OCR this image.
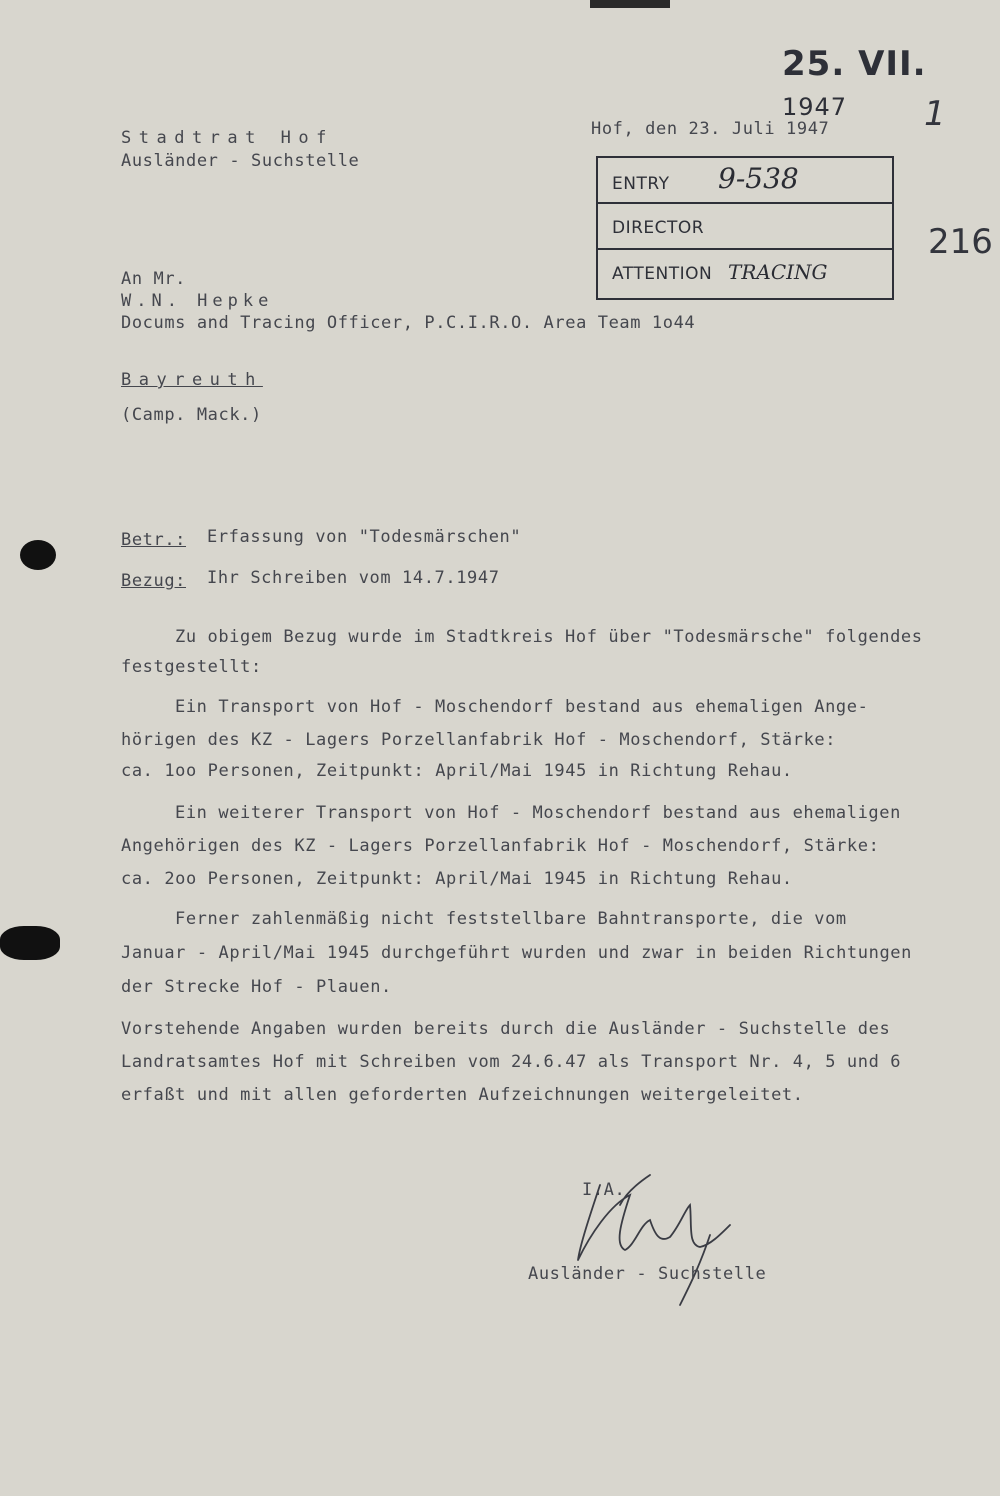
25. VII. 1947	1
216
Stadtrat Hof
Ausländer - Suchstelle
Hof, den 23. Juli 1947
ENTRY 9-538
DIRECTOR
ATTENTION TRACING
An Mr.
W.N. Hepke
Docums and Tracing Officer, P.C.I.R.O. Area Team 1o44
Bayreuth
(Camp. Mack.)
Betr.: Erfassung von "Todesmärschen"
Bezug: Ihr Schreiben vom 14.7.1947
Zu obigem Bezug wurde im Stadtkreis Hof über "Todesmärsche" folgendes
festgestellt:
Ein Transport von Hof - Moschendorf bestand aus ehemaligen Ange-
hörigen des KZ - Lagers Porzellanfabrik Hof - Moschendorf, Stärke:
ca. 1oo Personen, Zeitpunkt: April/Mai 1945 in Richtung Rehau.
Ein weiterer Transport von Hof - Moschendorf bestand aus ehemaligen
Angehörigen des KZ - Lagers Porzellanfabrik Hof - Moschendorf, Stärke:
ca. 2oo Personen, Zeitpunkt: April/Mai 1945 in Richtung Rehau.
Ferner zahlenmäßig nicht feststellbare Bahntransporte, die vom
Januar - April/Mai 1945 durchgeführt wurden und zwar in beiden Richtungen
der Strecke Hof - Plauen.
Vorstehende Angaben wurden bereits durch die Ausländer - Suchstelle des
Landratsamtes Hof mit Schreiben vom 24.6.47 als Transport Nr. 4, 5 und 6
erfaßt und mit allen geforderten Aufzeichnungen weitergeleitet.
I.A.
Ausländer - Suchstelle
